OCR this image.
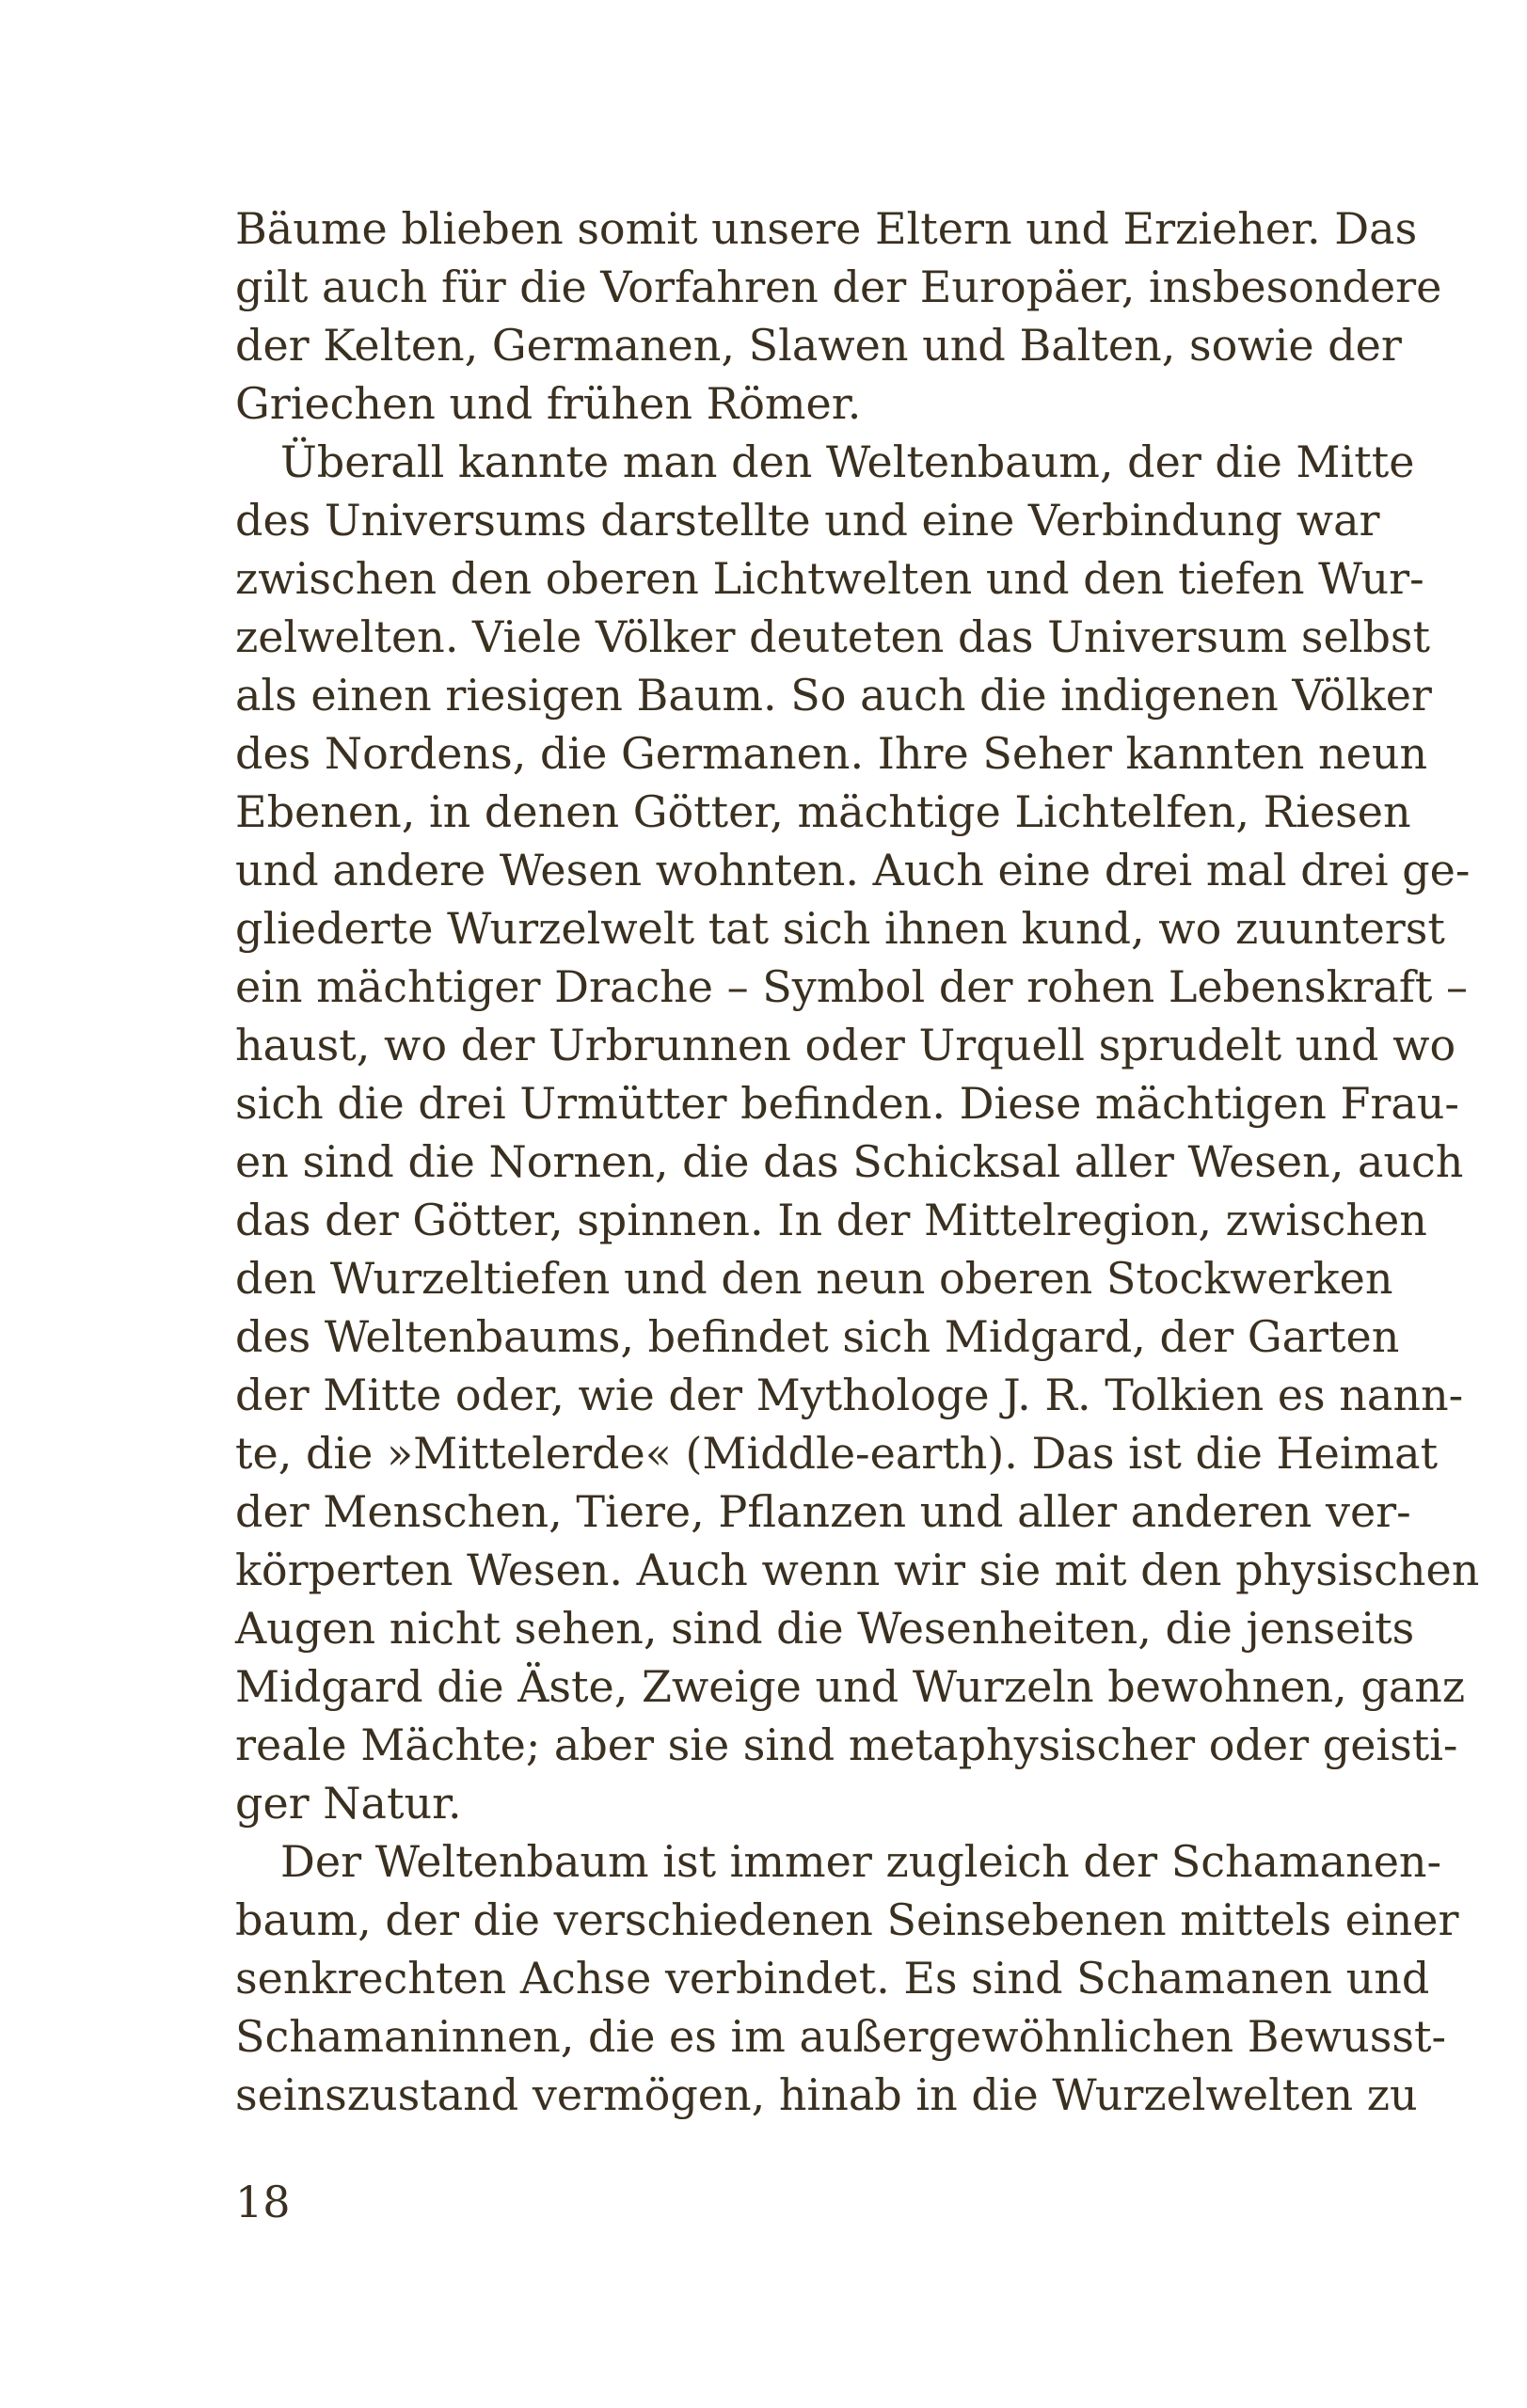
Bäume blieben somit unsere Eltern und Erzieher. Das
gilt auch für die Vorfahren der Europäer, insbesondere
der Kelten, Germanen, Slawen und Balten, sowie der
Griechen und frühen Römer.
Überall kannte man den Weltenbaum, der die Mitte
des Universums darstellte und eine Verbindung war
zwischen den oberen Lichtwelten und den tiefen Wur-
zelwelten. Viele Völker deuteten das Universum selbst
als einen riesigen Baum. So auch die indigenen Völker
des Nordens, die Germanen. Ihre Seher kannten neun
Ebenen, in denen Götter, mächtige Lichtelfen, Riesen
und andere Wesen wohnten. Auch eine drei mal drei ge-
gliederte Wurzelwelt tat sich ihnen kund, wo zuunterst
ein mächtiger Drache – Symbol der rohen Lebenskraft –
haust, wo der Urbrunnen oder Urquell sprudelt und wo
sich die drei Urmütter befinden. Diese mächtigen Frau-
en sind die Nornen, die das Schicksal aller Wesen, auch
das der Götter, spinnen. In der Mittelregion, zwischen
den Wurzeltiefen und den neun oberen Stockwerken
des Weltenbaums, befindet sich Midgard, der Garten
der Mitte oder, wie der Mythologe J. R. Tolkien es nann-
te, die »Mittelerde« (Middle-earth). Das ist die Heimat
der Menschen, Tiere, Pflanzen und aller anderen ver-
körperten Wesen. Auch wenn wir sie mit den physischen
Augen nicht sehen, sind die Wesenheiten, die jenseits
Midgard die Äste, Zweige und Wurzeln bewohnen, ganz
reale Mächte; aber sie sind metaphysischer oder geisti-
ger Natur.
Der Weltenbaum ist immer zugleich der Schamanen-
baum, der die verschiedenen Seinsebenen mittels einer
senkrechten Achse verbindet. Es sind Schamanen und
Schamaninnen, die es im außergewöhnlichen Bewusst-
seinszustand vermögen, hinab in die Wurzelwelten zu
18
